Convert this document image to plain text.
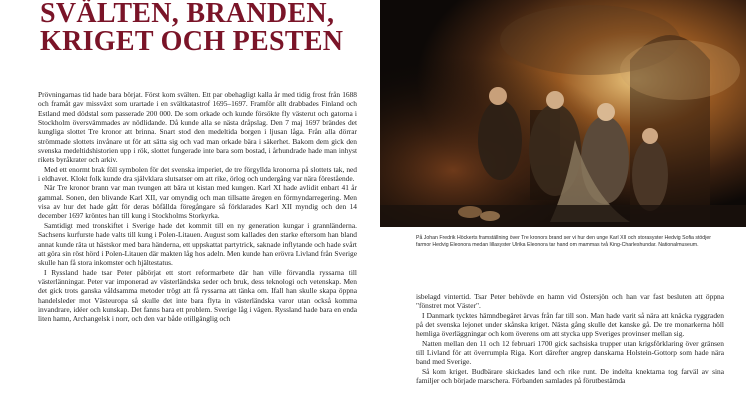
SVÄLTEN, BRANDEN,
KRIGET OCH PESTEN

Prövningarnas tid hade bara börjat. Först kom svälten. Ett par obehagligt kalla år med tidig frost från 1688 och framåt gav missväxt som urartade i en svältkatastrof 1695–1697. Framför allt drabbades Finland och Estland med dödstal som passerade 200 000. De som orkade och kunde försökte fly västerut och gatorna i Stockholm översvämmades av nödlidande. Då kunde alla se nästa dråpslag. Den 7 maj 1697 brändes det kungliga slottet Tre kronor att brinna. Snart stod den medeltida borgen i ljusan låga. Från alla dörrar strömmade slottets invånare ut för att sätta sig och vad man orkade bära i säkerhet. Bakom dem gick den svenska medeltidshistorien upp i rök, slottet fungerade inte bara som bostad, i århundrade hade man inhyst rikets byråkrater och arkiv.

Med ett enormt brak föll symbolen för det svenska imperiet, de tre förgyllda kronorna på slottets tak, ned i eldhavet. Klokt folk kunde dra självklara slutsatser om att rike, örlog och undergång var nära förestående.

När Tre kronor brann var man tvungen att bära ut kistan med kungen. Karl XI hade avlidit enbart 41 år gammal. Sonen, den blivande Karl XII, var omyndig och man tillsatte äregen en förmyndarregering. Men visa av hur det hade gått för deras böfällda föregångare så förklarades Karl XII myndig och den 14 december 1697 kröntes han till kung i Stockholms Storkyrka.

Samtidigt med tronskiftet i Sverige hade det kommit till en ny generation kungar i grannländerna. Sachsens kurfurste hade valts till kung i Polen-Litauen. August som kallades den starke eftersom han bland annat kunde räta ut hästskor med bara händerna, ett uppskattat partytrick, saknade inflytande och hade svårt att göra sin röst hörd i Polen-Litauen där makten låg hos adeln. Men kunde han erövra Livland från Sverige skulle han få stora inkomster och hjältestatus.

I Ryssland hade tsar Peter påbörjat ett stort reformarbete där han ville förvandla ryssarna till västerlänningar. Peter var imponerad av västerländska seder och bruk, dess teknologi och vetenskap. Men det gick trots ganska våldsamma metoder trögt att få ryssarna att tänka om. Ifall han skulle skapa öppna handelsleder mot Västeuropa så skulle det inte bara flyta in västerländska varor utan också komma invandrare, idéer och kunskap. Det fanns bara ett problem. Sverige låg i vägen. Ryssland hade bara en enda liten hamn, Archangelsk i norr, och den var både otillgänglig och

På Johan Fredrik Höckerts framställning över Tre kronors brand ser vi hur den unge Karl XII och storasyster Hedvig Sofia stödjer farmor Hedvig Eleonora medan lillasyster Ulrika Eleonora tar hand om mammas två King-Charleshundar. Nationalmuseum.

isbelagd vintertid. Tsar Peter behövde en hamn vid Östersjön och han var fast besluten att öppna "fönstret mot Väster".

I Danmark tycktes hämndbegäret ärvas från far till son. Man hade varit så nära att knäcka ryggraden på det svenska lejonet under skånska kriget. Nästa gång skulle det kanske gå. De tre monarkerna höll hemliga överläggningar och kom överens om att stycka upp Sveriges provinser mellan sig.

Natten mellan den 11 och 12 februari 1700 gick sachsiska trupper utan krigsförklaring över gränsen till Livland för att överrumpla Riga. Kort därefter angrep danskarna Holstein-Gottorp som hade nära band med Sverige.

Så kom kriget. Budbärare skickades land och rike runt. De indelta knektarna tog farväl av sina familjer och började marschera. Förbanden samlades på förutbestämda
